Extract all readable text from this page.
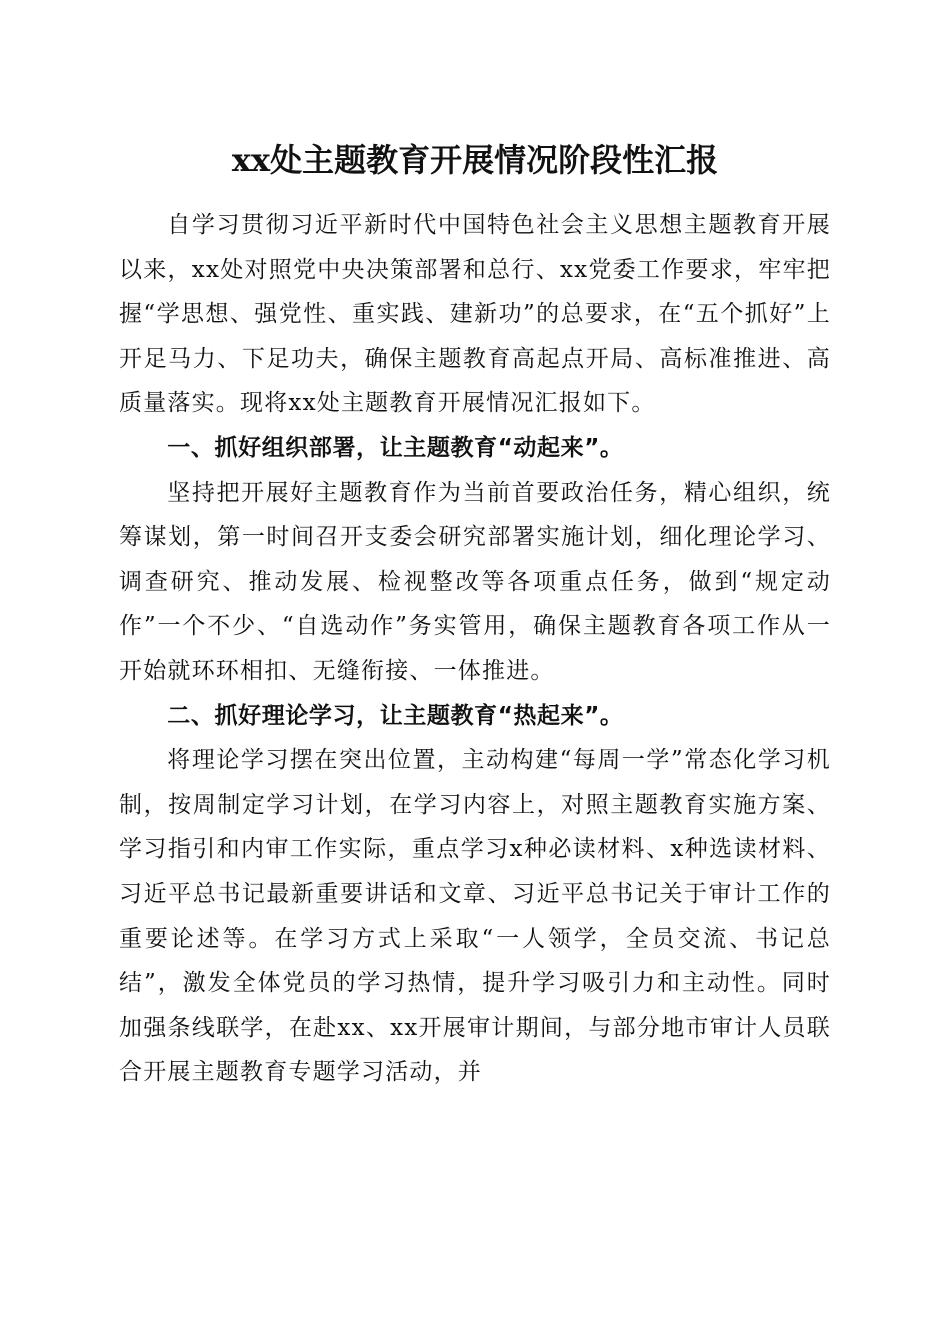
xx处主题教育开展情况阶段性汇报

自学习贯彻习近平新时代中国特色社会主义思想主题教育开展以来，xx处对照党中央决策部署和总行、xx党委工作要求，牢牢把握“学思想、强党性、重实践、建新功”的总要求，在“五个抓好”上开足马力、下足功夫，确保主题教育高起点开局、高标准推进、高质量落实。现将xx处主题教育开展情况汇报如下。

一、抓好组织部署，让主题教育“动起来”。

坚持把开展好主题教育作为当前首要政治任务，精心组织，统筹谋划，第一时间召开支委会研究部署实施计划，细化理论学习、调查研究、推动发展、检视整改等各项重点任务，做到“规定动作”一个不少、“自选动作”务实管用，确保主题教育各项工作从一开始就环环相扣、无缝衔接、一体推进。

二、抓好理论学习，让主题教育“热起来”。

将理论学习摆在突出位置，主动构建“每周一学”常态化学习机制，按周制定学习计划，在学习内容上，对照主题教育实施方案、学习指引和内审工作实际，重点学习x种必读材料、x种选读材料、习近平总书记最新重要讲话和文章、习近平总书记关于审计工作的重要论述等。在学习方式上采取“一人领学，全员交流、书记总结”，激发全体党员的学习热情，提升学习吸引力和主动性。同时加强条线联学，在赴xx、xx开展审计期间，与部分地市审计人员联合开展主题教育专题学习活动，并
